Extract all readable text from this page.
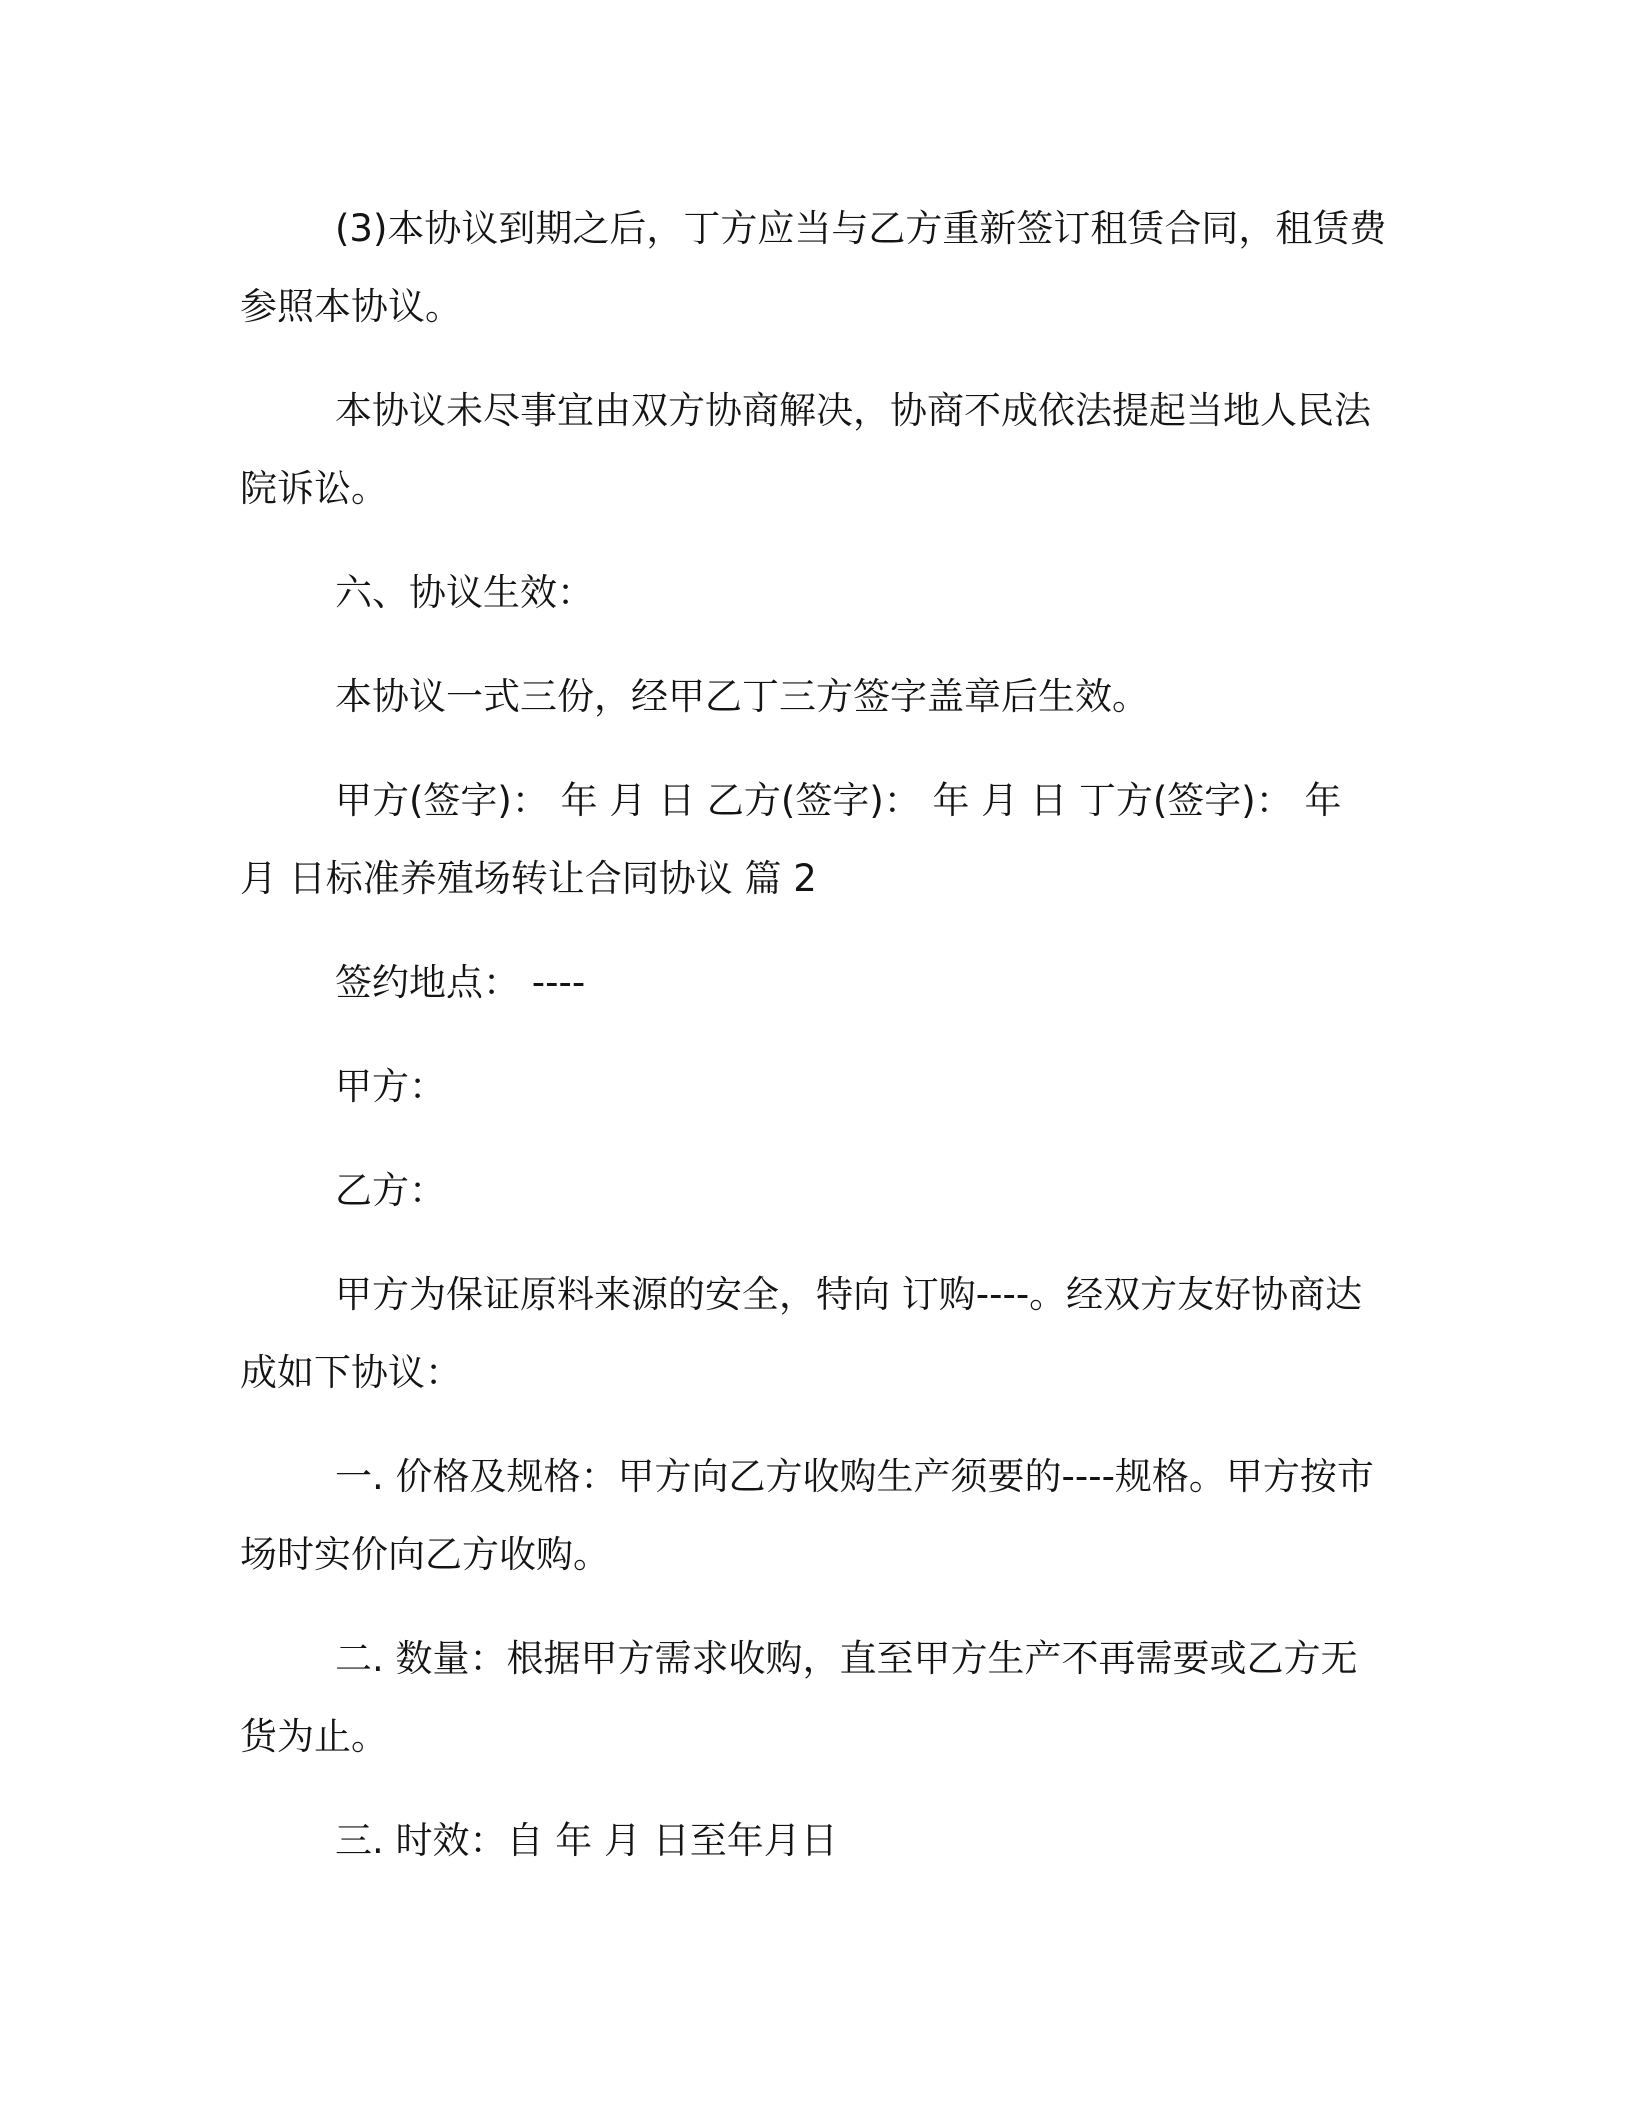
(3)本协议到期之后，丁方应当与乙方重新签订租赁合同，租赁费参照本协议。

本协议未尽事宜由双方协商解决，协商不成依法提起当地人民法院诉讼。

六、协议生效：

本协议一式三份，经甲乙丁三方签字盖章后生效。

甲方(签字)： 年 月 日 乙方(签字)： 年 月 日 丁方(签字)： 年 月 日标准养殖场转让合同协议 篇 2

签约地点： ----

甲方：

乙方：

甲方为保证原料来源的安全，特向 订购----。经双方友好协商达成如下协议：

一. 价格及规格：甲方向乙方收购生产须要的----规格。甲方按市场时实价向乙方收购。

二. 数量：根据甲方需求收购，直至甲方生产不再需要或乙方无货为止。

三. 时效：自 年 月 日至年月日
